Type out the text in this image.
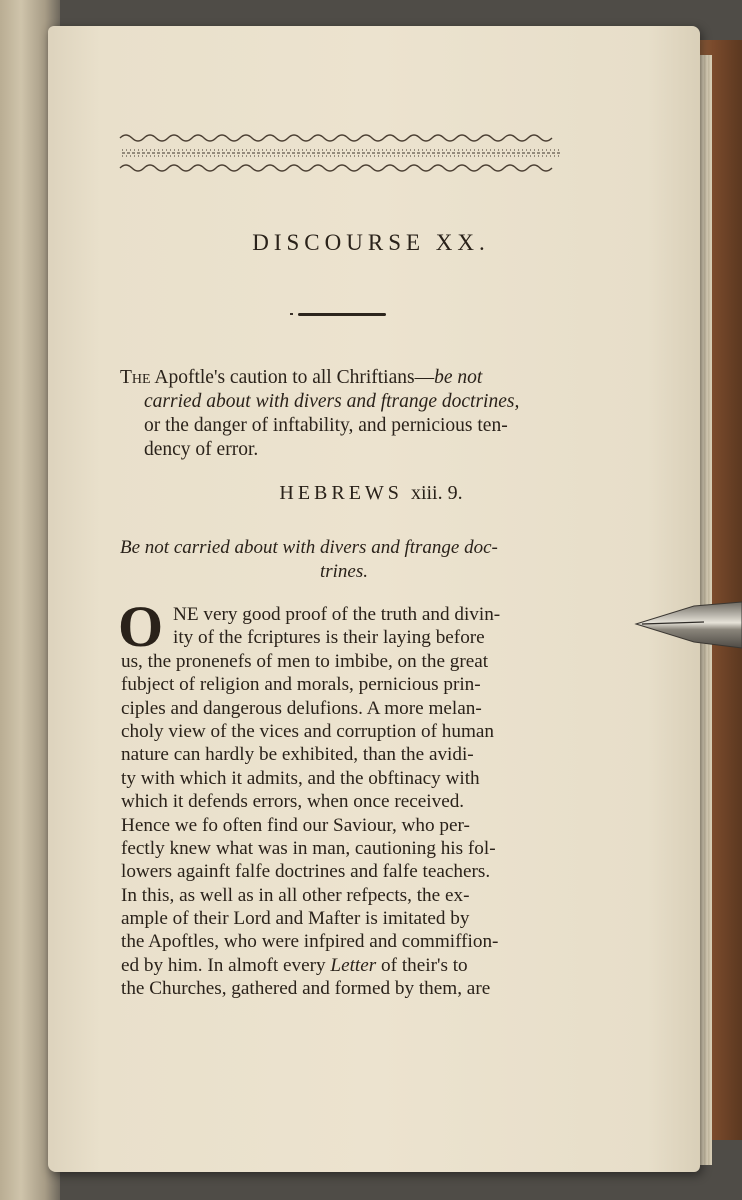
DISCOURSE XX.
The Apoftle's caution to all Chriftians—be not
carried about with divers and ftrange doctrines,
or the danger of inftability, and pernicious ten-
dency of error.
HEBREWS xiii. 9.
Be not carried about with divers and ftrange doc-
trines.
O NE very good proof of the truth and divin-
ity of the fcriptures is their laying before
us, the pronenefs of men to imbibe, on the great
fubject of religion and morals, pernicious prin-
ciples and dangerous delufions. A more melan-
choly view of the vices and corruption of human
nature can hardly be exhibited, than the avidi-
ty with which it admits, and the obftinacy with
which it defends errors, when once received.
Hence we fo often find our Saviour, who per-
fectly knew what was in man, cautioning his fol-
lowers againft falfe doctrines and falfe teachers.
In this, as well as in all other refpects, the ex-
ample of their Lord and Mafter is imitated by
the Apoftles, who were infpired and commiffion-
ed by him. In almoft every Letter of their's to
the Churches, gathered and formed by them, are
